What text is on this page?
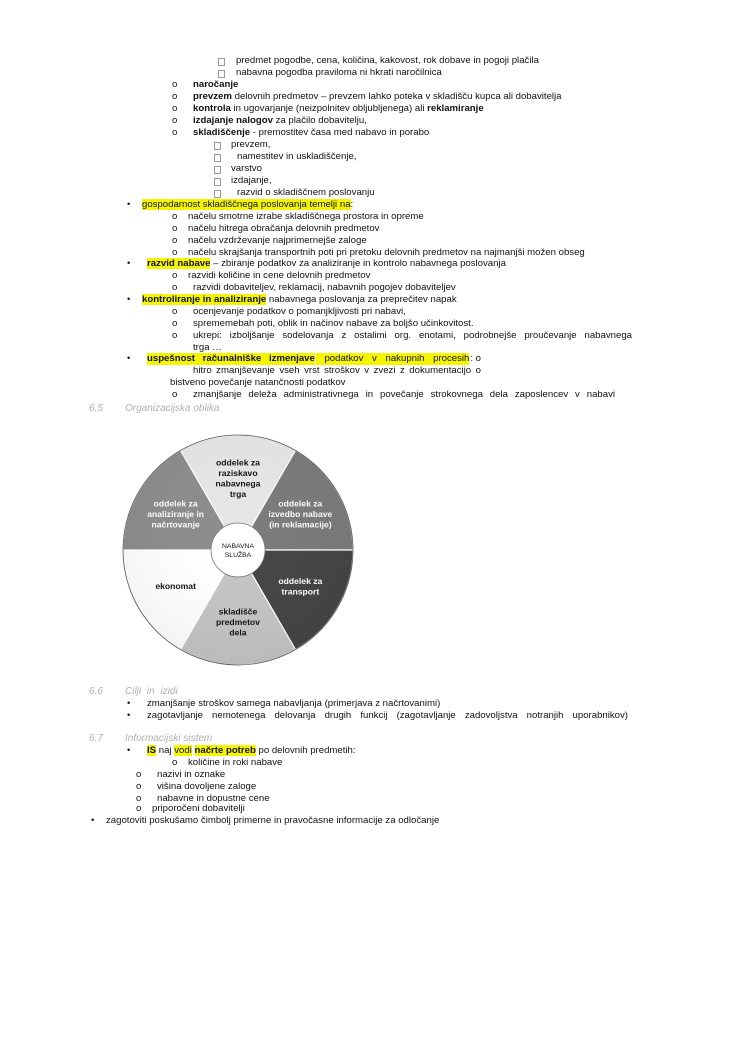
predmet pogodbe, cena, količina, kakovost, rok dobave in pogoji plačila
nabavna pogodba praviloma ni hkrati naročilnica
o naročanje
o prevzem delovnih predmetov – prevzem lahko poteka v skladišču kupca ali dobavitelja
o kontrola in ugovarjanje (neizpolnitev obljubljenega) ali reklamiranje
o izdajanje nalogov za plačilo dobavitelju,
o skladiščenje - premostitev časa med nabavo in porabo
prevzem,
namestitev in uskladiščenje,
varstvo
izdajanje,
razvid o skladiščnem poslovanju
• gospodarnost skladiščnega poslovanja temelji na:
o načelu smotrne izrabe skladiščnega prostora in opreme
o načelu hitrega obračanja delovnih predmetov
o načelu vzdrževanje najprimernejše zaloge
o načelu skrajšanja transportnih poti pri pretoku delovnih predmetov na najmanjši možen obseg
• razvid nabave – zbiranje podatkov za analiziranje in kontrolo nabavnega poslovanja
o razvidi količine in cene delovnih predmetov
o razvidi dobaviteljev, reklamacij, nabavnih pogojev dobaviteljev
• kontroliranje in analiziranje nabavnega poslovanja za preprečitev napak
o ocenjevanje podatkov o pomanjkljivosti pri nabavi,
o sprememebah poti, oblik in načinov nabave za boljšo učinkovitost.
o ukrepi: izboljšanje sodelovanja z ostalimi org. enotami, podrobnejše proučevanje nabavnega
trga …
• uspešnost računalniške izmenjave podatkov v nakupnih procesih : o
hitro zmanjševanje vseh vrst stroškov v zvezi z dokumentacijo o
bistveno povečanje natančnosti podatkov
o zmanjšanje deleža administrativnega in povečanje strokovnega dela zaposlencev v nabavi
6.5 Organizacijska oblika
NABAVNA
SLUŽBA
6.6 Cilji in izidi
• zmanjšanje stroškov samega nabavljanja (primerjava z načrtovanimi)
• zagotavljanje nemotenega delovanja drugih funkcij (zagotavljanje zadovoljstva notranjih uporabnikov)
6.7 Informacijski sistem
• IS naj vodi načrte potreb po delovnih predmetih:
o količine in roki nabave
o nazivi in oznake
o višina dovoljene zaloge
o nabavne in dopustne cene
o priporočeni dobavitelji
• zagotoviti poskušamo čimbolj primerne in pravočasne informacije za odločanje
